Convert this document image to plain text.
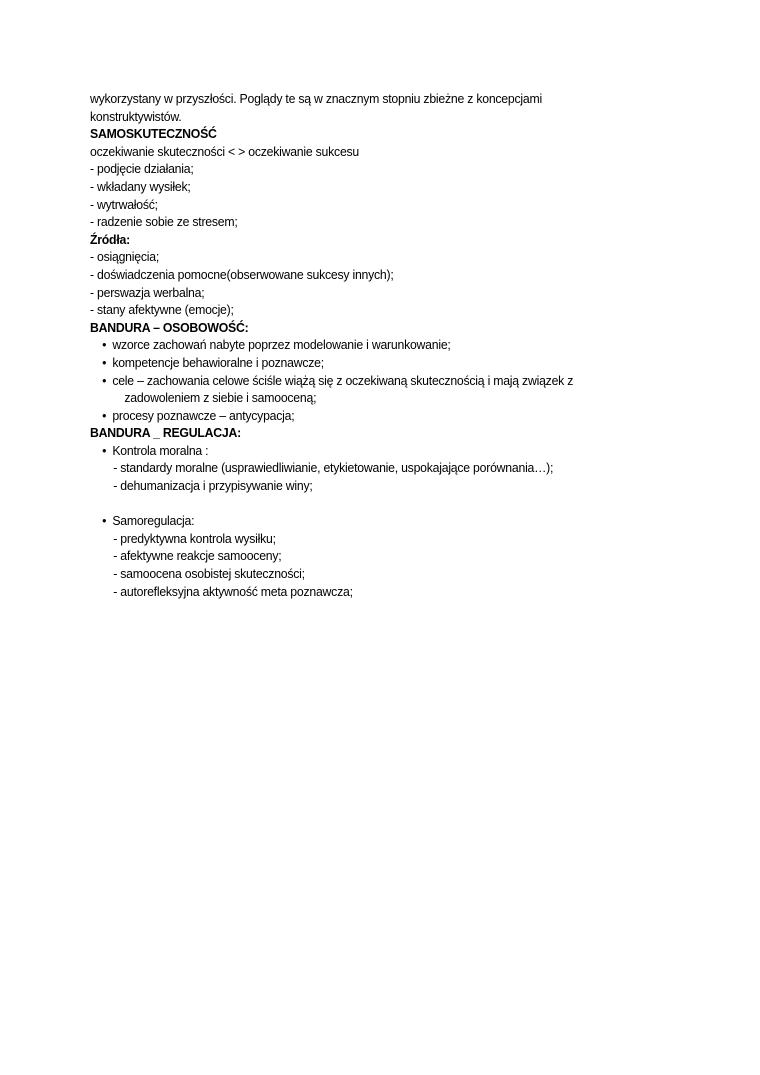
wykorzystany w przyszłości. Poglądy te są w znacznym stopniu zbieżne z koncepcjami
konstruktywistów.
SAMOSKUTECZNOŚĆ
oczekiwanie skuteczności < > oczekiwanie sukcesu
- podjęcie działania;
- wkładany wysiłek;
- wytrwałość;
- radzenie sobie ze stresem;
Źródła:
- osiągnięcia;
- doświadczenia pomocne(obserwowane sukcesy innych);
- perswazja werbalna;
- stany afektywne (emocje);
BANDURA – OSOBOWOŚĆ:
• wzorce zachowań nabyte poprzez modelowanie i warunkowanie;
• kompetencje behawioralne i poznawcze;
• cele – zachowania celowe ściśle wiążą się z oczekiwaną skutecznością i mają związek z
zadowoleniem z siebie i samooceną;
• procesy poznawcze – antycypacja;
BANDURA _ REGULACJA:
• Kontrola moralna :
- standardy moralne (usprawiedliwianie, etykietowanie, uspokajające porównania…);
- dehumanizacja i przypisywanie winy;
• Samoregulacja:
- predyktywna kontrola wysiłku;
- afektywne reakcje samooceny;
- samoocena osobistej skuteczności;
- autorefleksyjna aktywność meta poznawcza;
